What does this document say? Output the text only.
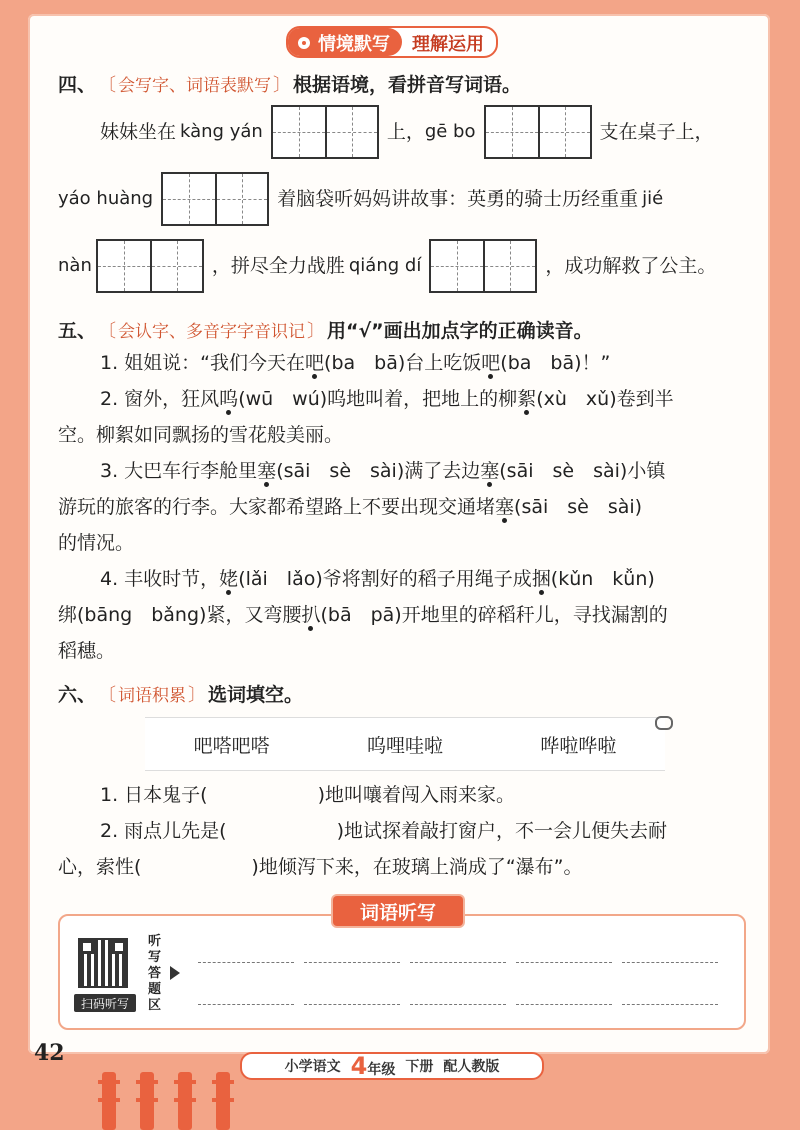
情境默写 理解运用
四、 〔 会写字、词语表默写 〕 根据语境，看拼音写词语。
妹妹坐在 kàng yán	上， gē bo	支在桌子上，
yáo huàng	着脑袋听妈妈讲故事：英勇的骑士历经重重 jié
nàn	，拼尽全力战胜 qiáng dí	，成功解救了公主。
五、 〔 会认字、多音字字音识记 〕 用“√”画出加点字的正确读音。
1. 姐姐说：“我们今天在吧(ba　bā)台上吃饭吧(ba　bā)！”
2. 窗外，狂风呜(wū　wú)呜地叫着，把地上的柳絮(xù　xǔ)卷到半
空。柳絮如同飘扬的雪花般美丽。
3. 大巴车行李舱里塞(sāi　sè　sài)满了去边塞(sāi　sè　sài)小镇
游玩的旅客的行李。大家都希望路上不要出现交通堵塞(sāi　sè　sài)
的情况。
4. 丰收时节，姥(lǎi　lǎo)爷将割好的稻子用绳子成捆(kǔn　kǚn)
绑(bāng　bǎng)紧，又弯腰扒(bā　pā)开地里的碎稻秆儿，寻找漏割的
稻穗。
六、 〔 词语积累 〕 选词填空。
吧嗒吧嗒	呜哩哇啦	哗啦哗啦
1. 日本鬼子(	)地叫嚷着闯入雨来家。
2. 雨点儿先是(	)地试探着敲打窗户，不一会儿便失去耐
心，索性(	)地倾泻下来，在玻璃上淌成了“瀑布”。
扫码听写
听写答题区
词语听写
42
小学语文 4年级 下册 配人教版
